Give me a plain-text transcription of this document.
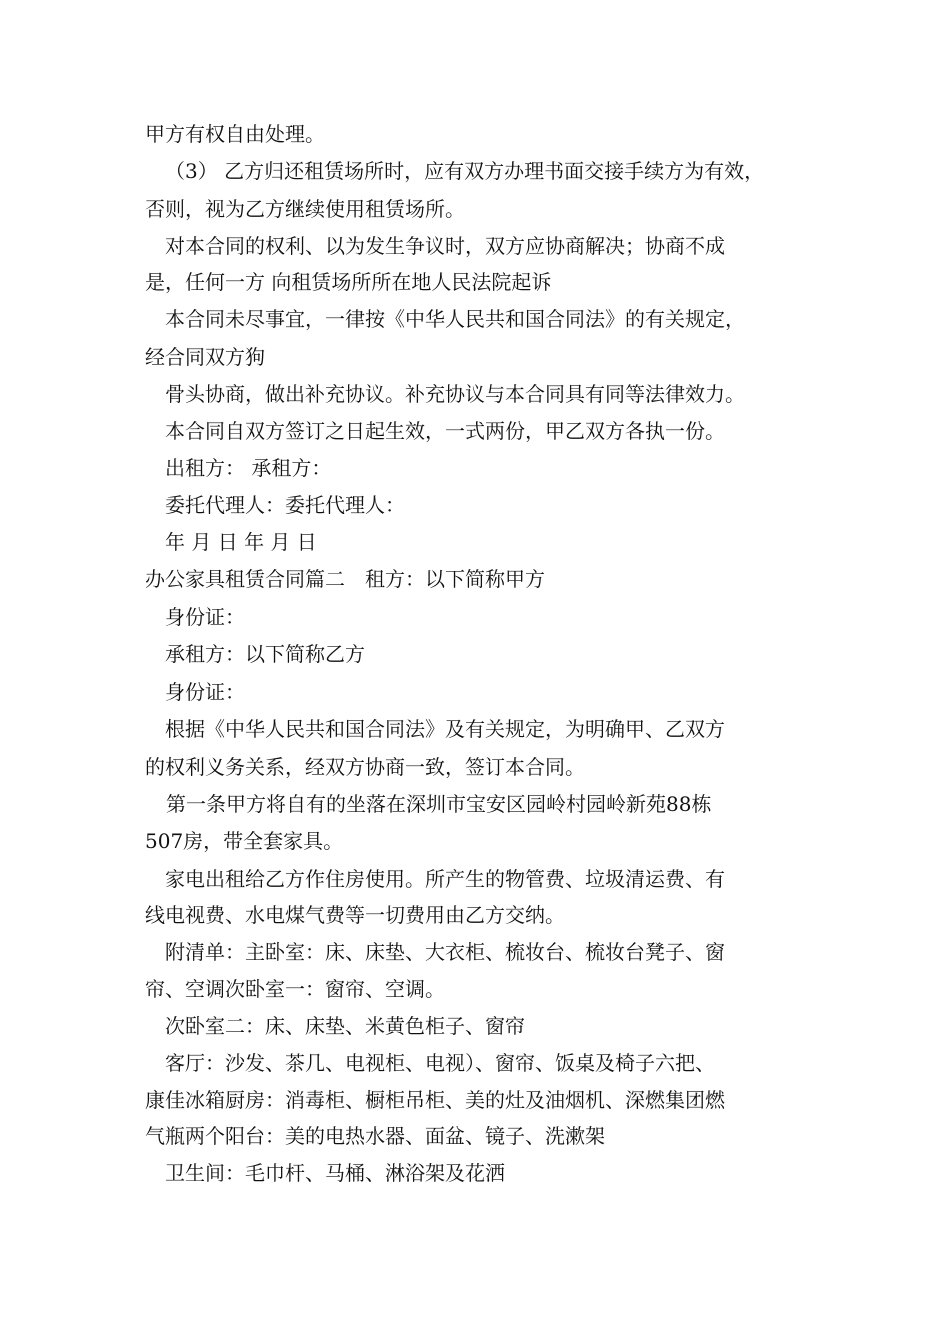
甲方有权自由处理。
（3） 乙方归还租赁场所时，应有双方办理书面交接手续方为有效，
否则，视为乙方继续使用租赁场所。
对本合同的权利、以为发生争议时，双方应协商解决；协商不成
是，任何一方 向租赁场所所在地人民法院起诉
本合同未尽事宜，一律按《中华人民共和国合同法》的有关规定，
经合同双方狗
骨头协商，做出补充协议。补充协议与本合同具有同等法律效力。
本合同自双方签订之日起生效，一式两份，甲乙双方各执一份。
出租方： 承租方：
委托代理人：委托代理人：
年 月 日 年 月 日
办公家具租赁合同篇二　租方：以下简称甲方
身份证：
承租方：以下简称乙方
身份证：
根据《中华人民共和国合同法》及有关规定，为明确甲、乙双方
的权利义务关系，经双方协商一致，签订本合同。
第一条甲方将自有的坐落在深圳市宝安区园岭村园岭新苑88栋
507房，带全套家具。
家电出租给乙方作住房使用。所产生的物管费、垃圾清运费、有
线电视费、水电煤气费等一切费用由乙方交纳。
附清单：主卧室：床、床垫、大衣柜、梳妆台、梳妆台凳子、窗
帘、空调次卧室一：窗帘、空调。
次卧室二：床、床垫、米黄色柜子、窗帘
客厅：沙发、茶几、电视柜、电视）、窗帘、饭桌及椅子六把、
康佳冰箱厨房：消毒柜、橱柜吊柜、美的灶及油烟机、深燃集团燃
气瓶两个阳台：美的电热水器、面盆、镜子、洗漱架
卫生间：毛巾杆、马桶、淋浴架及花洒
